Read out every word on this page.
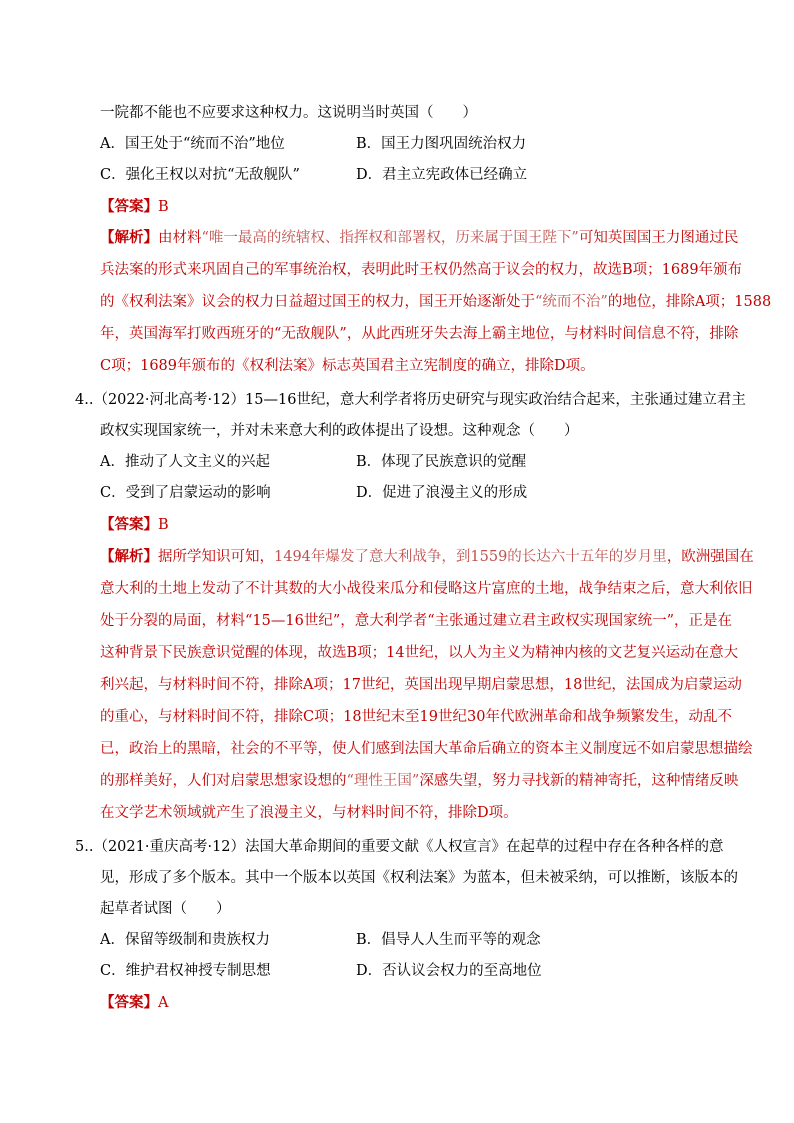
一院都不能也不应要求这种权力。这说明当时英国（　　）
A．国王处于“统而不治”地位	B．国王力图巩固统治权力
C．强化王权以对抗“无敌舰队”	D．君主立宪政体已经确立
【答案】B
【解析】由材料“唯一最高的统辖权、指挥权和部署权，历来属于国王陛下”可知英国国王力图通过民
兵法案的形式来巩固自己的军事统治权，表明此时王权仍然高于议会的权力，故选B项；1689年颁布
的《权利法案》议会的权力日益超过国王的权力，国王开始逐渐处于“统而不治”的地位，排除A项；1588
年，英国海军打败西班牙的“无敌舰队”，从此西班牙失去海上霸主地位，与材料时间信息不符，排除
C项；1689年颁布的《权利法案》标志英国君主立宪制度的确立，排除D项。
4..（2022·河北高考·12）15—16世纪，意大利学者将历史研究与现实政治结合起来，主张通过建立君主
政权实现国家统一，并对未来意大利的政体提出了设想。这种观念（　　）
A．推动了人文主义的兴起	B．体现了民族意识的觉醒
C．受到了启蒙运动的影响	D．促进了浪漫主义的形成
【答案】B
【解析】据所学知识可知，1494年爆发了意大利战争，到1559的长达六十五年的岁月里，欧洲强国在
意大利的土地上发动了不计其数的大小战役来瓜分和侵略这片富庶的土地，战争结束之后，意大利依旧
处于分裂的局面，材料“15—16世纪”，意大利学者“主张通过建立君主政权实现国家统一”，正是在
这种背景下民族意识觉醒的体现，故选B项；14世纪，以人为主义为精神内核的文艺复兴运动在意大
利兴起，与材料时间不符，排除A项；17世纪，英国出现早期启蒙思想，18世纪，法国成为启蒙运动
的重心，与材料时间不符，排除C项；18世纪末至19世纪30年代欧洲革命和战争频繁发生，动乱不
已，政治上的黑暗，社会的不平等，使人们感到法国大革命后确立的资本主义制度远不如启蒙思想描绘
的那样美好，人们对启蒙思想家设想的“理性王国”深感失望，努力寻找新的精神寄托，这种情绪反映
在文学艺术领域就产生了浪漫主义，与材料时间不符，排除D项。
5..（2021·重庆高考·12）法国大革命期间的重要文献《人权宣言》在起草的过程中存在各种各样的意
见，形成了多个版本。其中一个版本以英国《权利法案》为蓝本，但未被采纳，可以推断，该版本的
起草者试图（　　）
A．保留等级制和贵族权力	B．倡导人人生而平等的观念
C．维护君权神授专制思想	D．否认议会权力的至高地位
【答案】A
